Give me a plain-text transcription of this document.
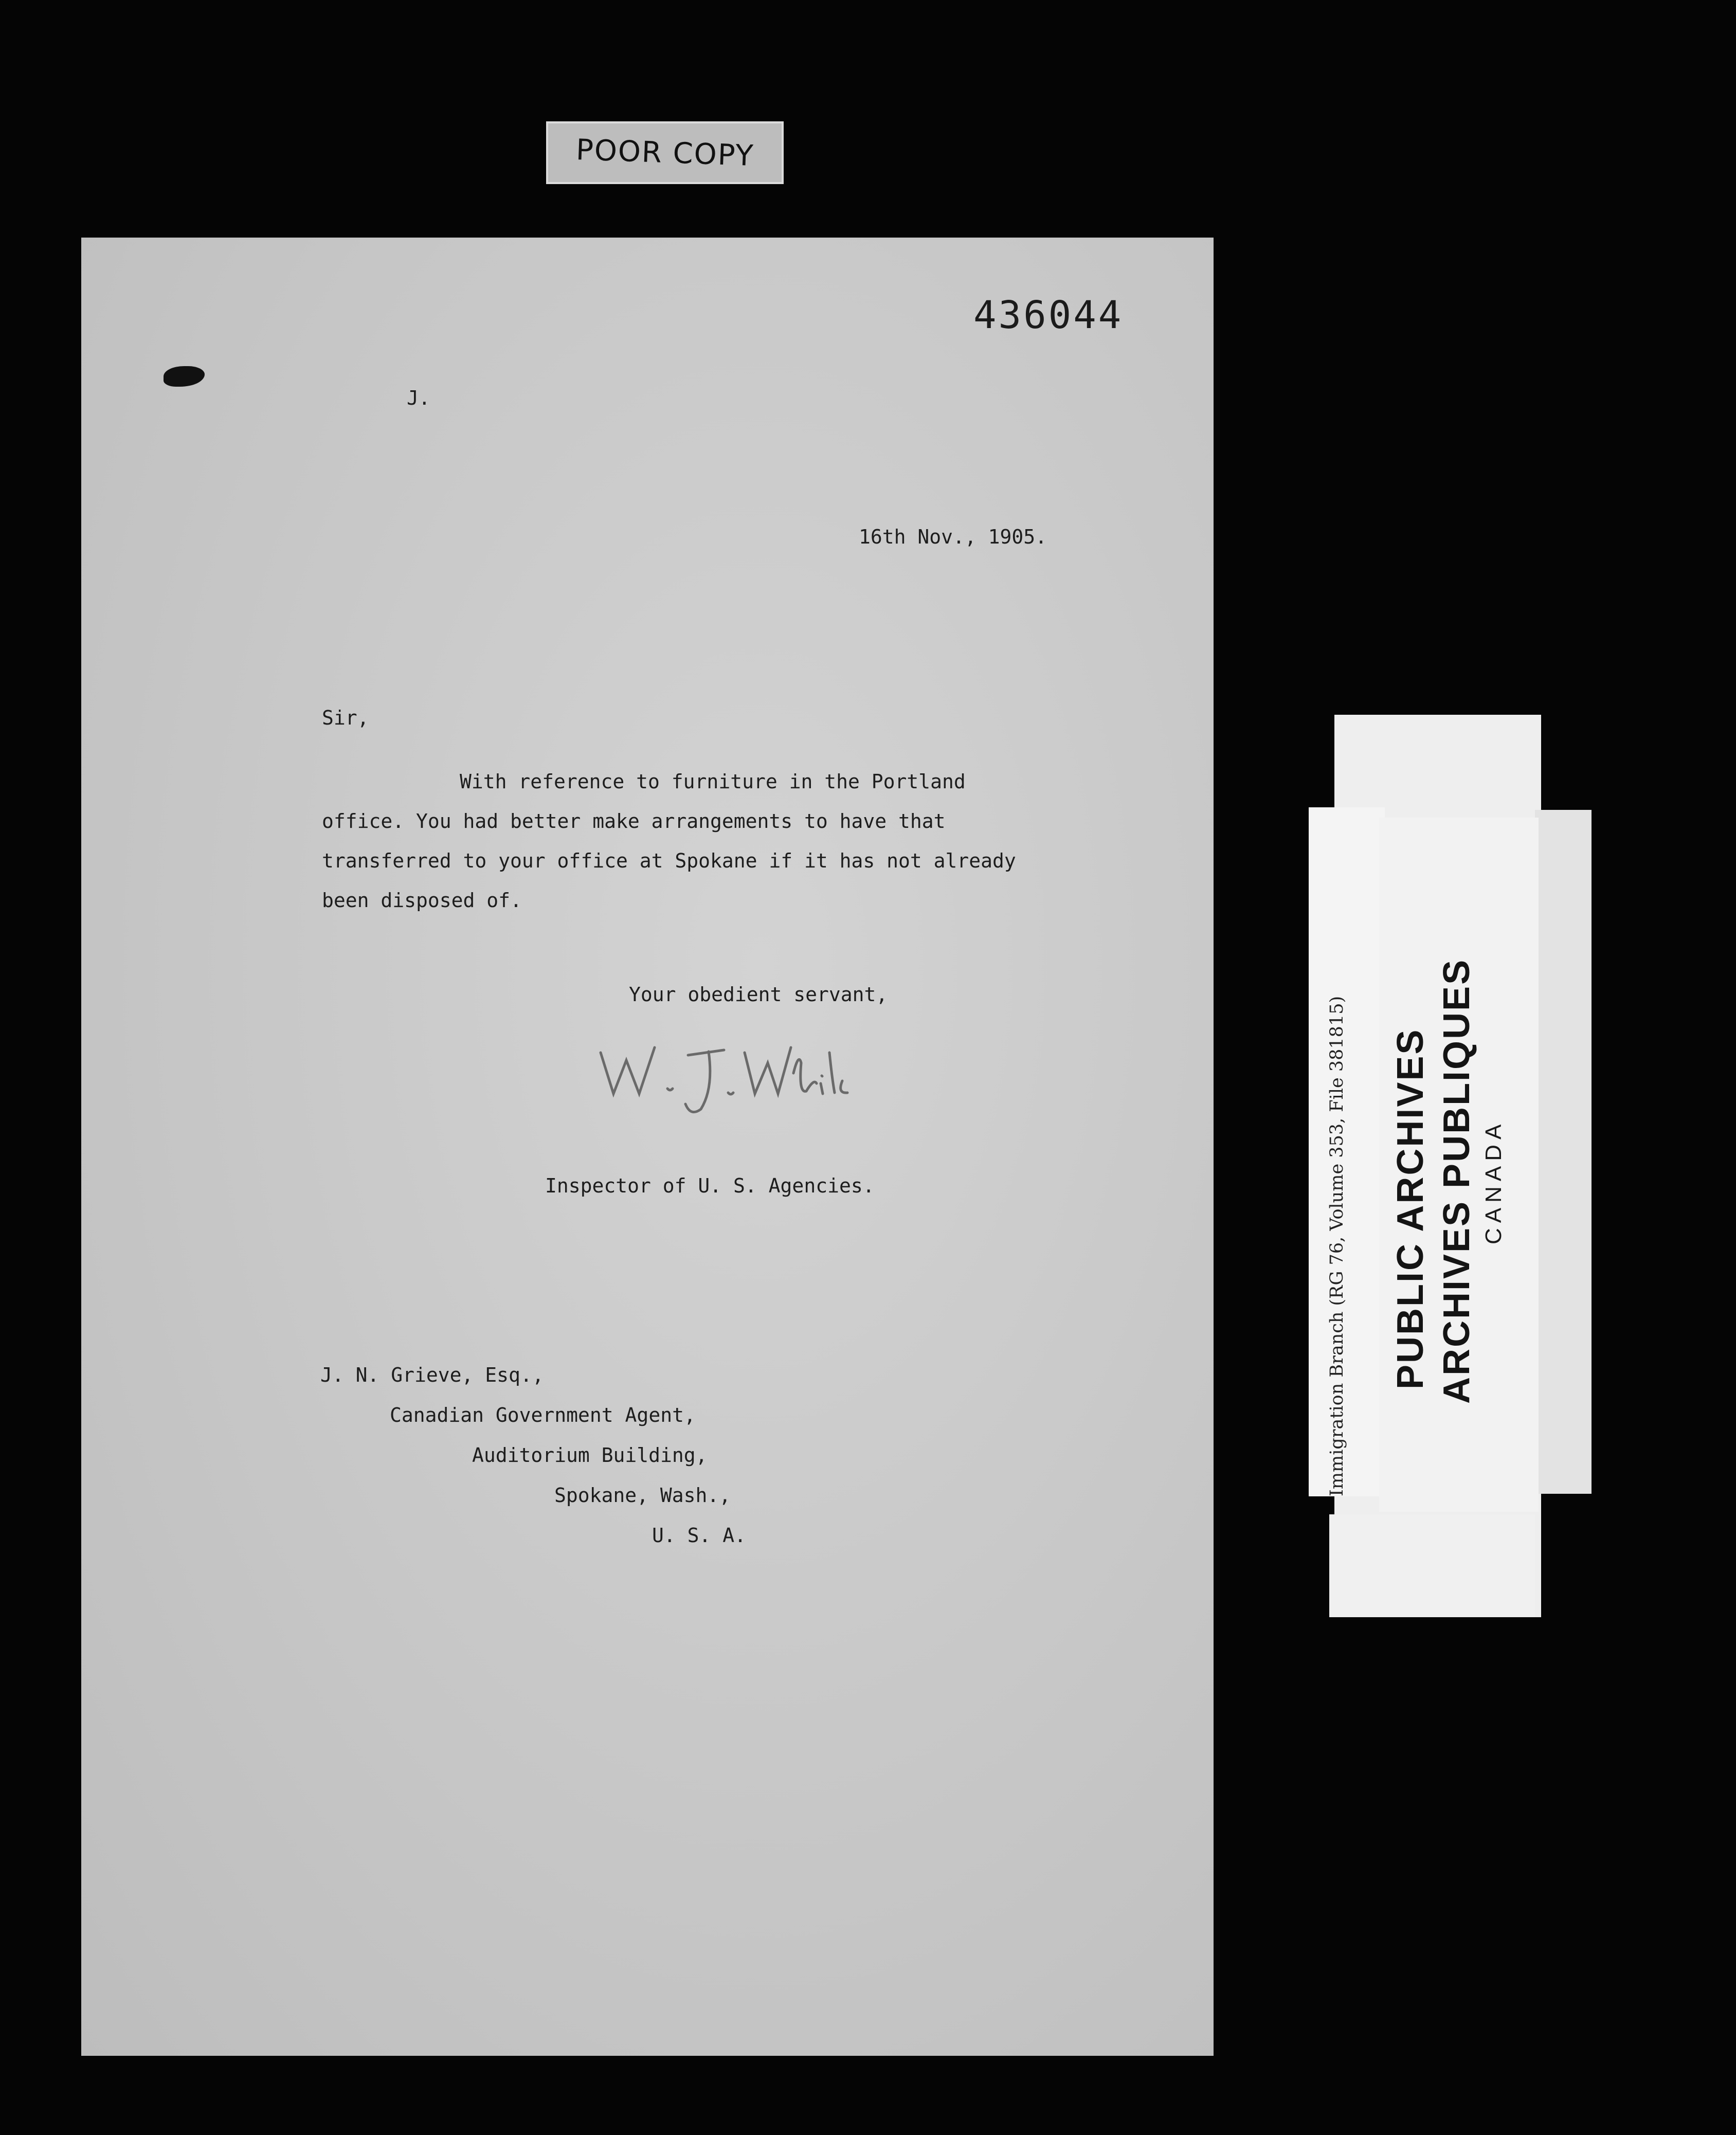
POOR COPY
436044
J.
16th Nov., 1905.
Sir,

With reference to furniture in the Portland
office. You had better make arrangements to have that
transferred to your office at Spokane if it has not already
been disposed of.

Your obedient servant,
Inspector of U. S. Agencies.
J. N. Grieve, Esq.,
Canadian Government Agent,
Auditorium Building,
Spokane, Wash.,
U. S. A.
Immigration Branch (RG 76, Volume 353, File 381815) PUBLIC ARCHIVES ARCHIVES PUBLIQUES CANADA
